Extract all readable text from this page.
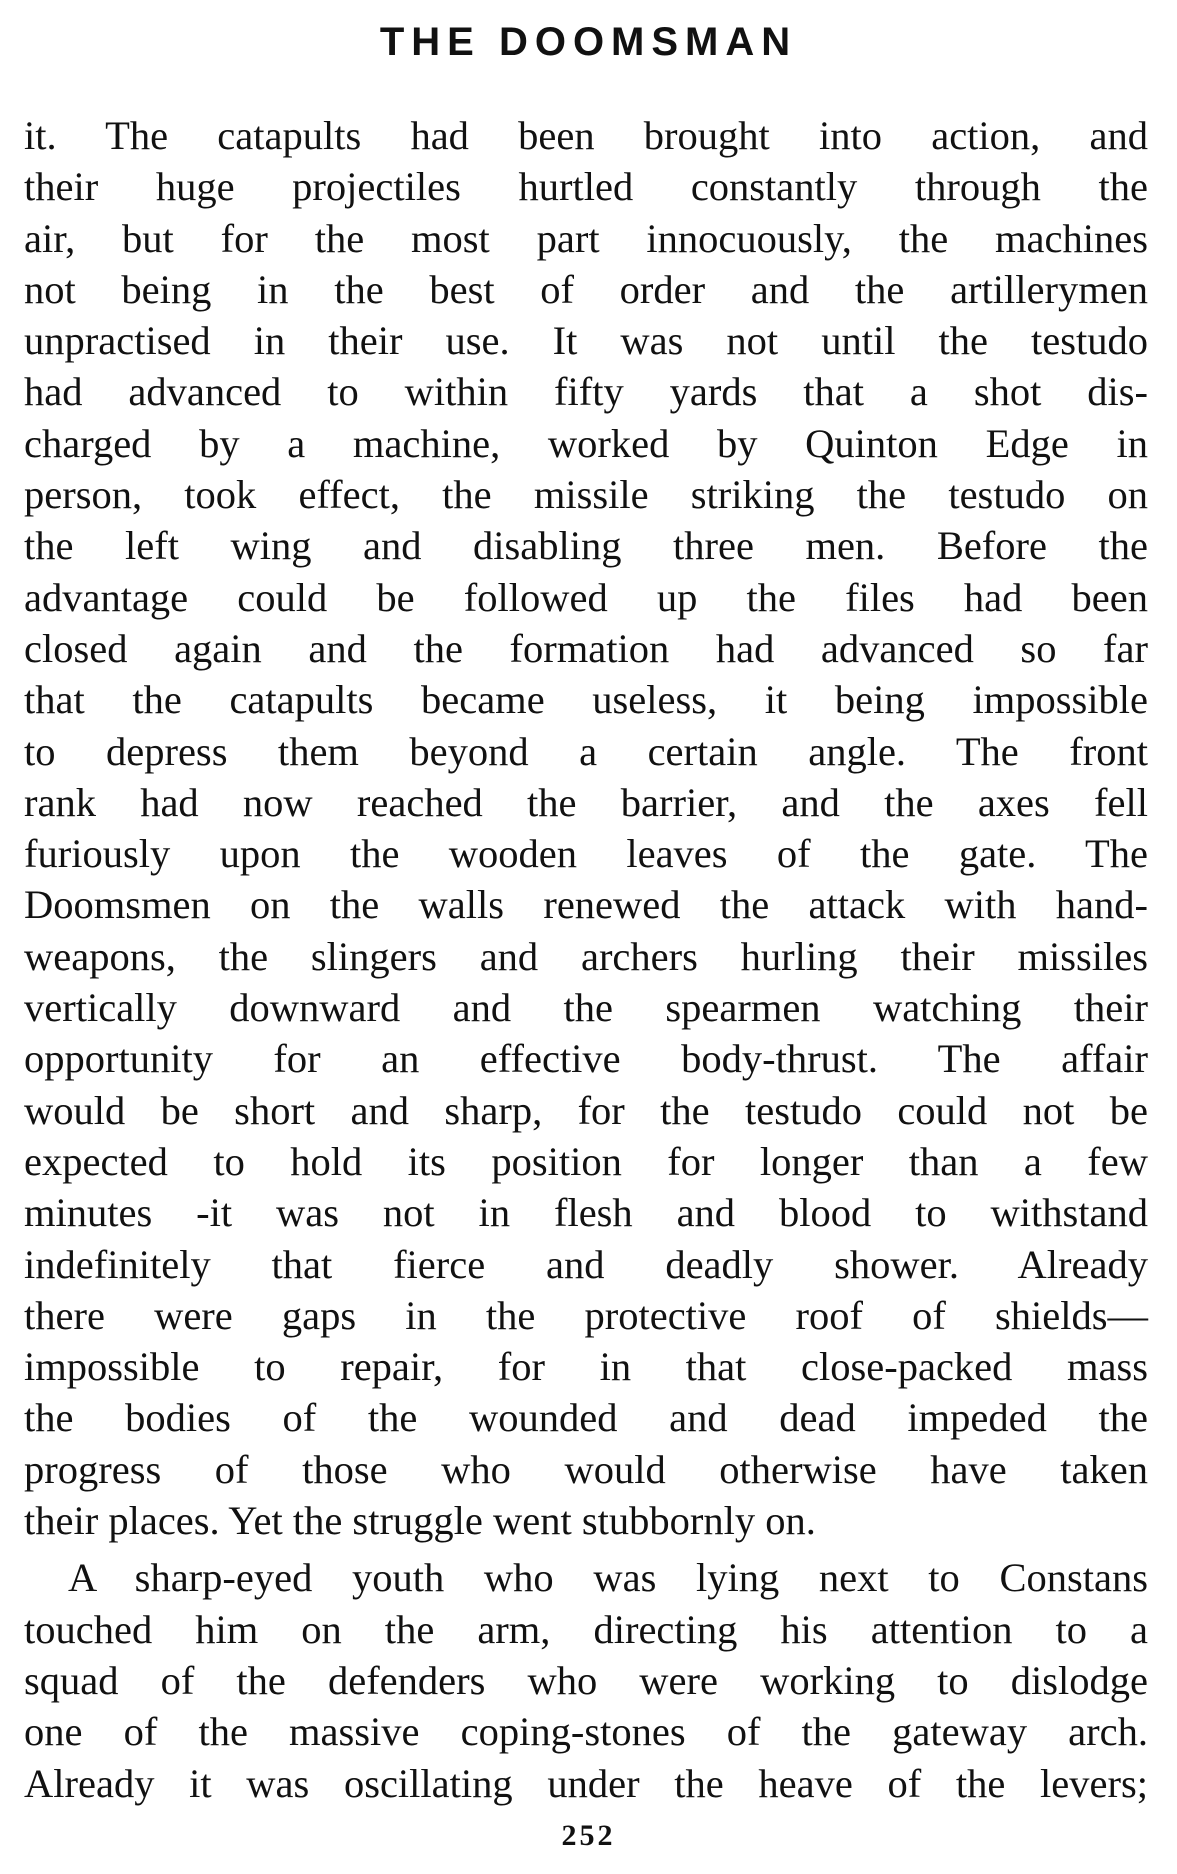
THE DOOMSMAN
it. The catapults had been brought into action, and
their huge projectiles hurtled constantly through the
air, but for the most part innocuously, the machines
not being in the best of order and the artillerymen
unpractised in their use. It was not until the testudo
had advanced to within fifty yards that a shot dis-
charged by a machine, worked by Quinton Edge in
person, took effect, the missile striking the testudo on
the left wing and disabling three men. Before the
advantage could be followed up the files had been
closed again and the formation had advanced so far
that the catapults became useless, it being impossible
to depress them beyond a certain angle. The front
rank had now reached the barrier, and the axes fell
furiously upon the wooden leaves of the gate. The
Doomsmen on the walls renewed the attack with hand-
weapons, the slingers and archers hurling their missiles
vertically downward and the spearmen watching their
opportunity for an effective body-thrust. The affair
would be short and sharp, for the testudo could not be
expected to hold its position for longer than a few
minutes -it was not in flesh and blood to withstand
indefinitely that fierce and deadly shower. Already
there were gaps in the protective roof of shields—
impossible to repair, for in that close-packed mass
the bodies of the wounded and dead impeded the
progress of those who would otherwise have taken
their places. Yet the struggle went stubbornly on.
A sharp-eyed youth who was lying next to Constans
touched him on the arm, directing his attention to a
squad of the defenders who were working to dislodge
one of the massive coping-stones of the gateway arch.
Already it was oscillating under the heave of the levers;
252
